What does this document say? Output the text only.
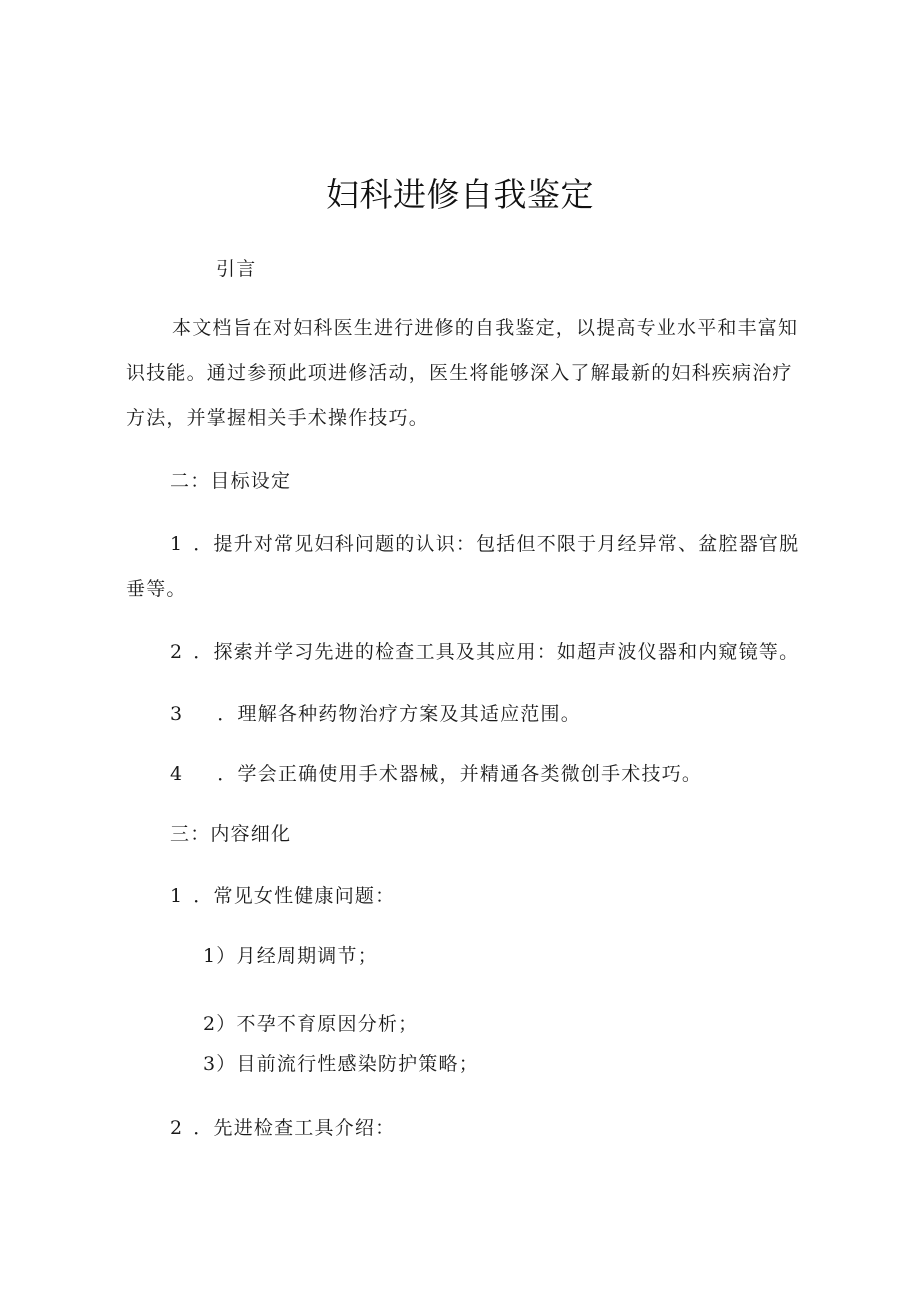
妇科进修自我鉴定
引言
本文档旨在对妇科医生进行进修的自我鉴定，以提高专业水平和丰富知
识技能。通过参预此项进修活动，医生将能够深入了解最新的妇科疾病治疗
方法，并掌握相关手术操作技巧。
二：目标设定
1 ．提升对常见妇科问题的认识：包括但不限于月经异常、盆腔器官脱
垂等。
2 ．探索并学习先进的检查工具及其应用：如超声波仪器和内窥镜等。
3 ．理解各种药物治疗方案及其适应范围。
4 ．学会正确使用手术器械，并精通各类微创手术技巧。
三：内容细化
1 ．常见女性健康问题：
1）月经周期调节；
2）不孕不育原因分析；
3）目前流行性感染防护策略；
2 ．先进检查工具介绍：
